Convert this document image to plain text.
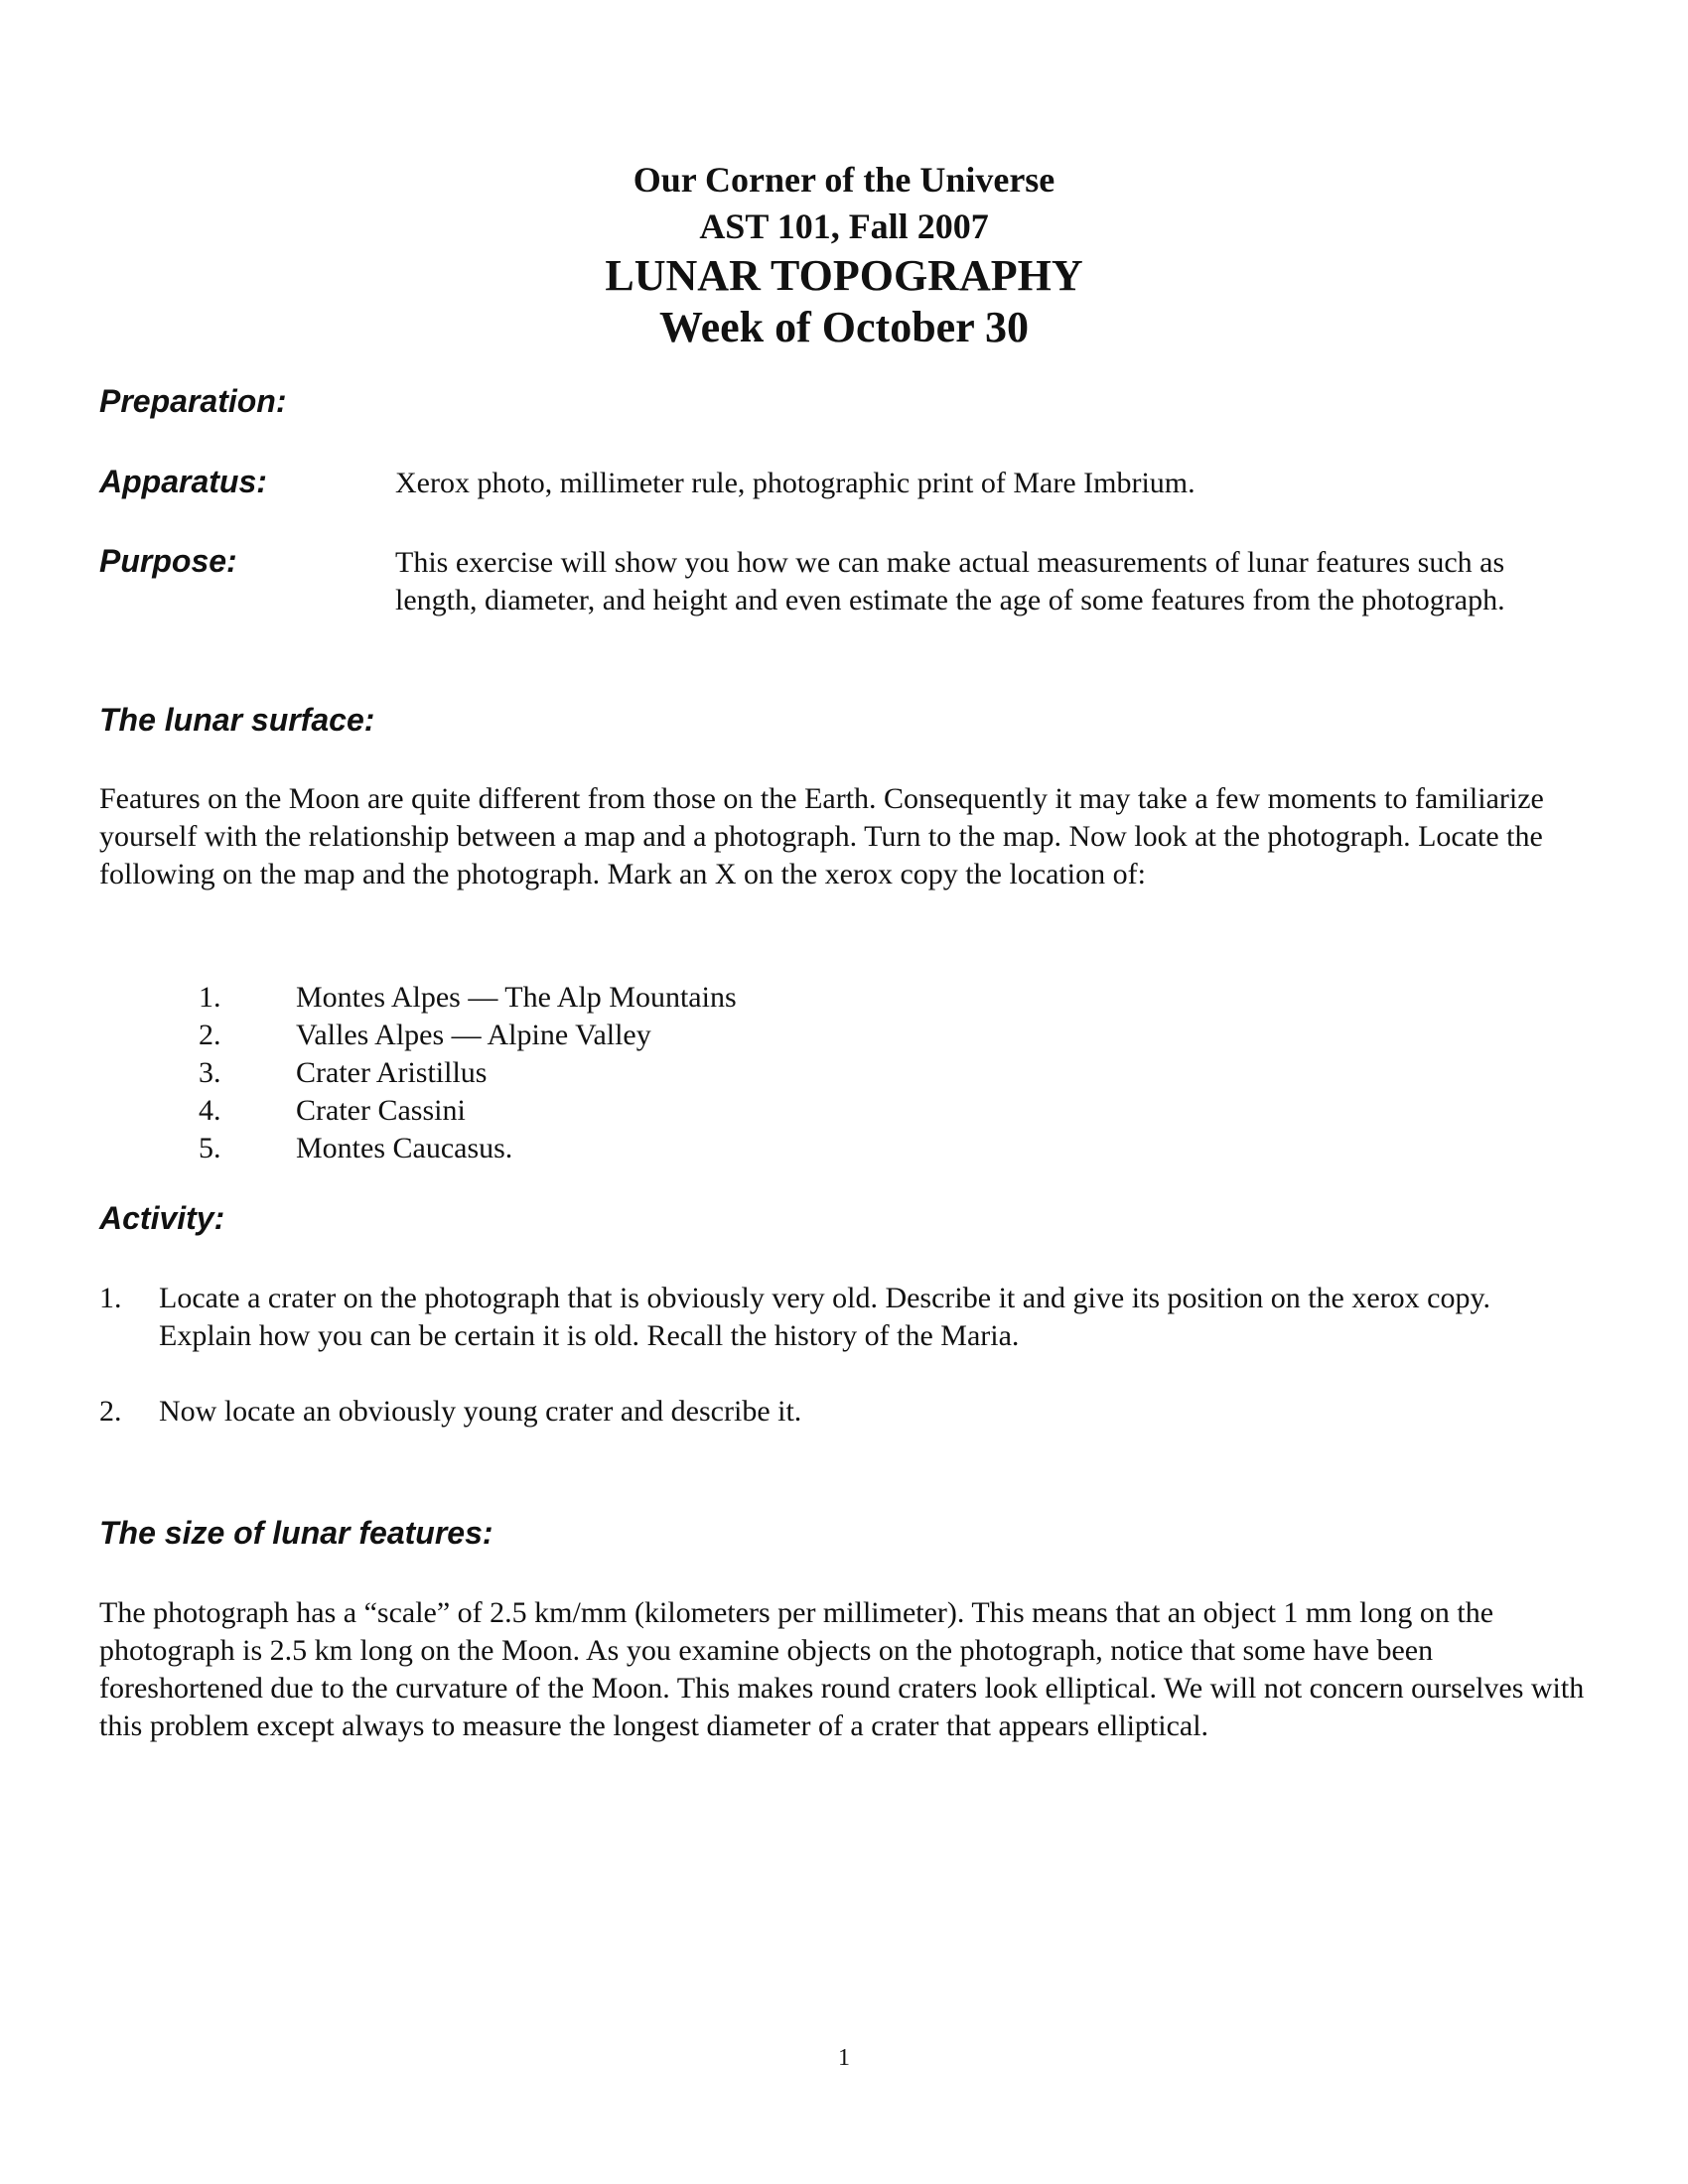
Our Corner of the Universe
AST 101, Fall 2007
LUNAR TOPOGRAPHY
Week of October 30
Preparation:
Apparatus:	Xerox photo, millimeter rule, photographic print of Mare Imbrium.

Purpose:	This exercise will show you how we can make actual measurements of lunar features such as length, diameter, and height and even estimate the age of some features from the photograph.

The lunar surface:

Features on the Moon are quite different from those on the Earth. Consequently it may take a few moments to familiarize yourself with the relationship between a map and a photograph. Turn to the map. Now look at the photograph. Locate the following on the map and the photograph. Mark an X on the xerox copy the location of:

1.	Montes Alpes — The Alp Mountains
2.	Valles Alpes — Alpine Valley
3.	Crater Aristillus
4.	Crater Cassini
5.	Montes Caucasus.
Activity:
1. Locate a crater on the photograph that is obviously very old. Describe it and give its position on the xerox copy. Explain how you can be certain it is old. Recall the history of the Maria.
2. Now locate an obviously young crater and describe it.
The size of lunar features:

The photograph has a “scale” of 2.5 km/mm (kilometers per millimeter). This means that an object 1 mm long on the photograph is 2.5 km long on the Moon. As you examine objects on the photograph, notice that some have been foreshortened due to the curvature of the Moon. This makes round craters look elliptical. We will not concern ourselves with this problem except always to measure the longest diameter of a crater that appears elliptical.

1
